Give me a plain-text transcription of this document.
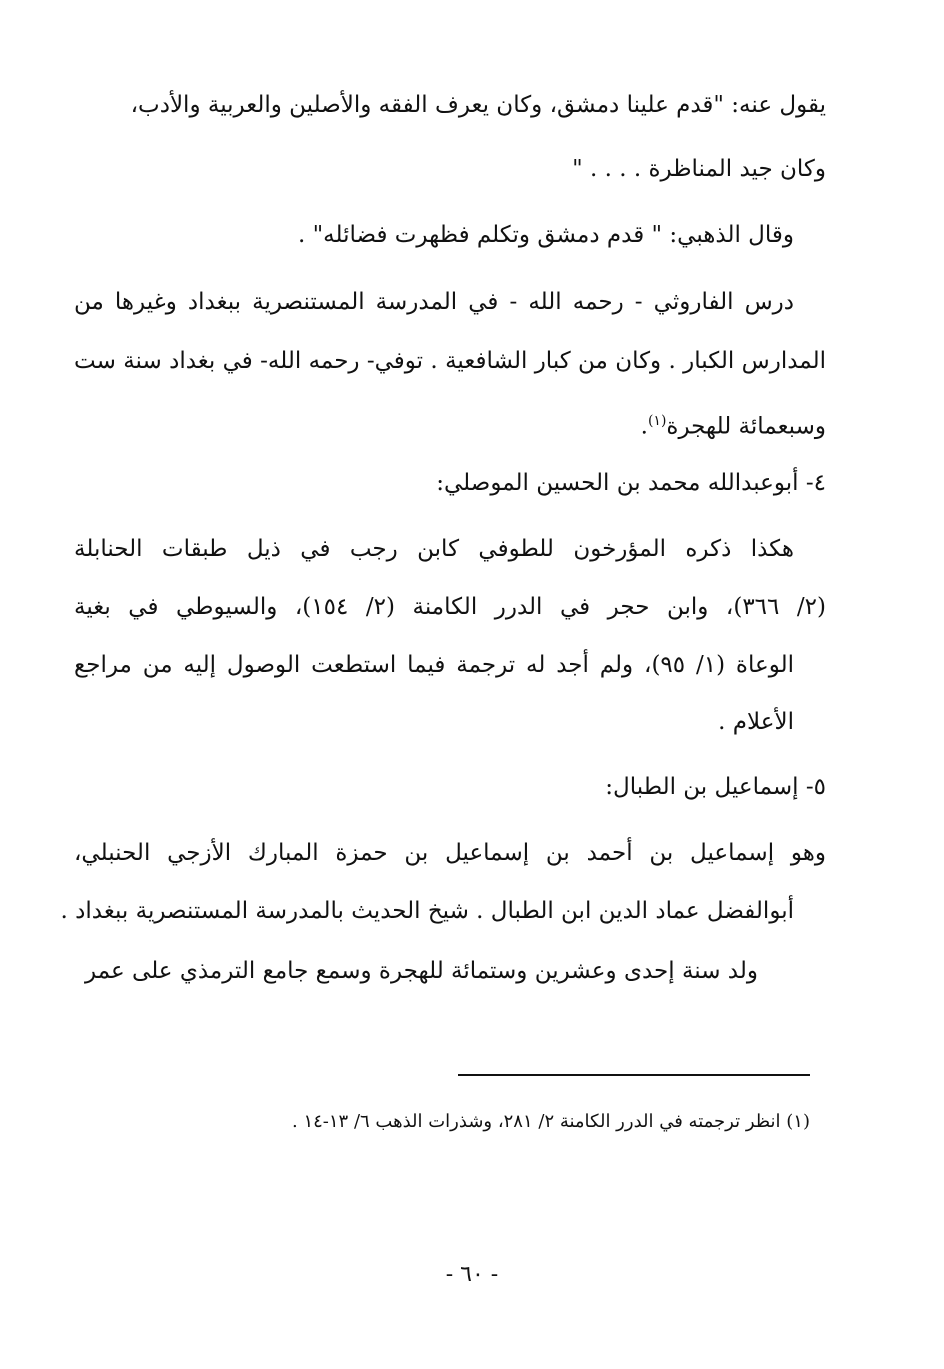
يقول عنه: "قدم علينا دمشق، وكان يعرف الفقه والأصلين والعربية والأدب،
وكان جيد المناظرة . . . . "
وقال الذهبي: " قدم دمشق وتكلم فظهرت فضائله" .
درس الفاروثي - رحمه الله - في المدرسة المستنصرية ببغداد وغيرها من
المدارس الكبار . وكان من كبار الشافعية . توفي- رحمه الله- في بغداد سنة ست
وسبعمائة للهجرة$^{(١)}$.
٤- أبوعبدالله محمد بن الحسين الموصلي:
هكذا ذكره المؤرخون للطوفي كابن رجب في ذيل طبقات الحنابلة
(٢/ ٣٦٦)، وابن حجر في الدرر الكامنة (٢/ ١٥٤)، والسيوطي في بغية
الوعاة (١/ ٩٥)، ولم أجد له ترجمة فيما استطعت الوصول إليه من مراجع
الأعلام .
٥- إسماعيل بن الطبال:
وهو إسماعيل بن أحمد بن إسماعيل بن حمزة المبارك الأزجي الحنبلي،
أبوالفضل عماد الدين ابن الطبال . شيخ الحديث بالمدرسة المستنصرية ببغداد .
ولد سنة إحدى وعشرين وستمائة للهجرة وسمع جامع الترمذي على عمر
(١) انظر ترجمته في الدرر الكامنة ٢/ ٢٨١، وشذرات الذهب ٦/ ١٣-١٤ .
- ٦٠ -
